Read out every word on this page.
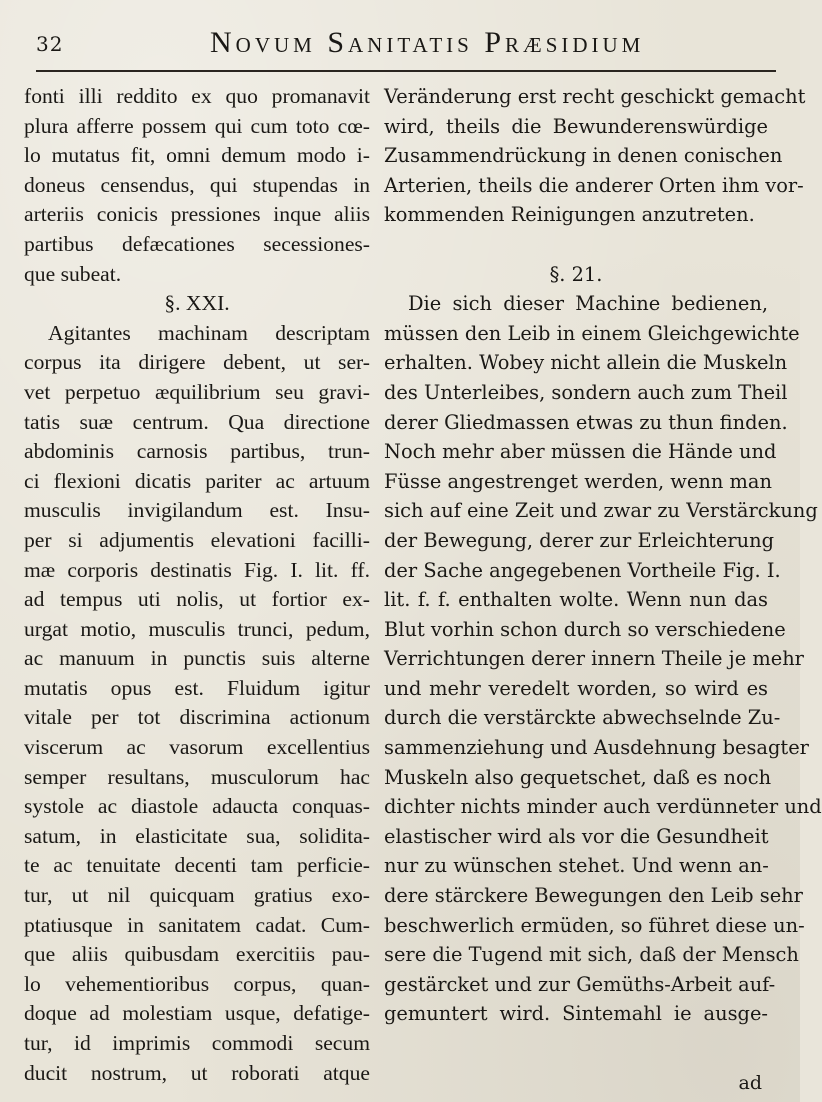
32	Novum Sanitatis Præsidium
fonti illi reddito ex quo promanavit
plura afferre possem qui cum toto cœ-
lo mutatus fit, omni demum modo i-
doneus censendus, qui stupendas in
arteriis conicis pressiones inque aliis
partibus defæcationes secessiones-
que subeat.
§. XXI.
Agitantes machinam descriptam
corpus ita dirigere debent, ut ser-
vet perpetuo æquilibrium seu gravi-
tatis suæ centrum. Qua directione
abdominis carnosis partibus, trun-
ci flexioni dicatis pariter ac artuum
musculis invigilandum est. Insu-
per si adjumentis elevationi facilli-
mæ corporis destinatis Fig. I. lit. ff.
ad tempus uti nolis, ut fortior ex-
urgat motio, musculis trunci, pedum,
ac manuum in punctis suis alterne
mutatis opus est. Fluidum igitur
vitale per tot discrimina actionum
viscerum ac vasorum excellentius
semper resultans, musculorum hac
systole ac diastole adaucta conquas-
satum, in elasticitate sua, solidita-
te ac tenuitate decenti tam perficie-
tur, ut nil quicquam gratius exo-
ptatiusque in sanitatem cadat. Cum-
que aliis quibusdam exercitiis pau-
lo vehementioribus corpus, quan-
doque ad molestiam usque, defatige-
tur, id imprimis commodi secum
ducit nostrum, ut roborati atque
Veränderung erst recht geschickt gemacht
wird, theils die Bewunderenswürdige
Zusammendrückung in denen conischen
Arterien, theils die anderer Orten ihm vor-
kommenden Reinigungen anzutreten.
§. 21.
Die sich dieser Machine bedienen,
müssen den Leib in einem Gleichgewichte
erhalten. Wobey nicht allein die Muskeln
des Unterleibes, sondern auch zum Theil
derer Gliedmassen etwas zu thun finden.
Noch mehr aber müssen die Hände und
Füsse angestrenget werden, wenn man
sich auf eine Zeit und zwar zu Verstärckung
der Bewegung, derer zur Erleichterung
der Sache angegebenen Vortheile Fig. I.
lit. f. f. enthalten wolte. Wenn nun das
Blut vorhin schon durch so verschiedene
Verrichtungen derer innern Theile je mehr
und mehr veredelt worden, so wird es
durch die verstärckte abwechselnde Zu-
sammenziehung und Ausdehnung besagter
Muskeln also gequetschet, daß es noch
dichter nichts minder auch verdünneter und
elastischer wird als vor die Gesundheit
nur zu wünschen stehet. Und wenn an-
dere stärckere Bewegungen den Leib sehr
beschwerlich ermüden, so führet diese un-
sere die Tugend mit sich, daß der Mensch
gestärcket und zur Gemüths-Arbeit auf-
gemuntert wird. Sintemahl ie ausge-
ad
